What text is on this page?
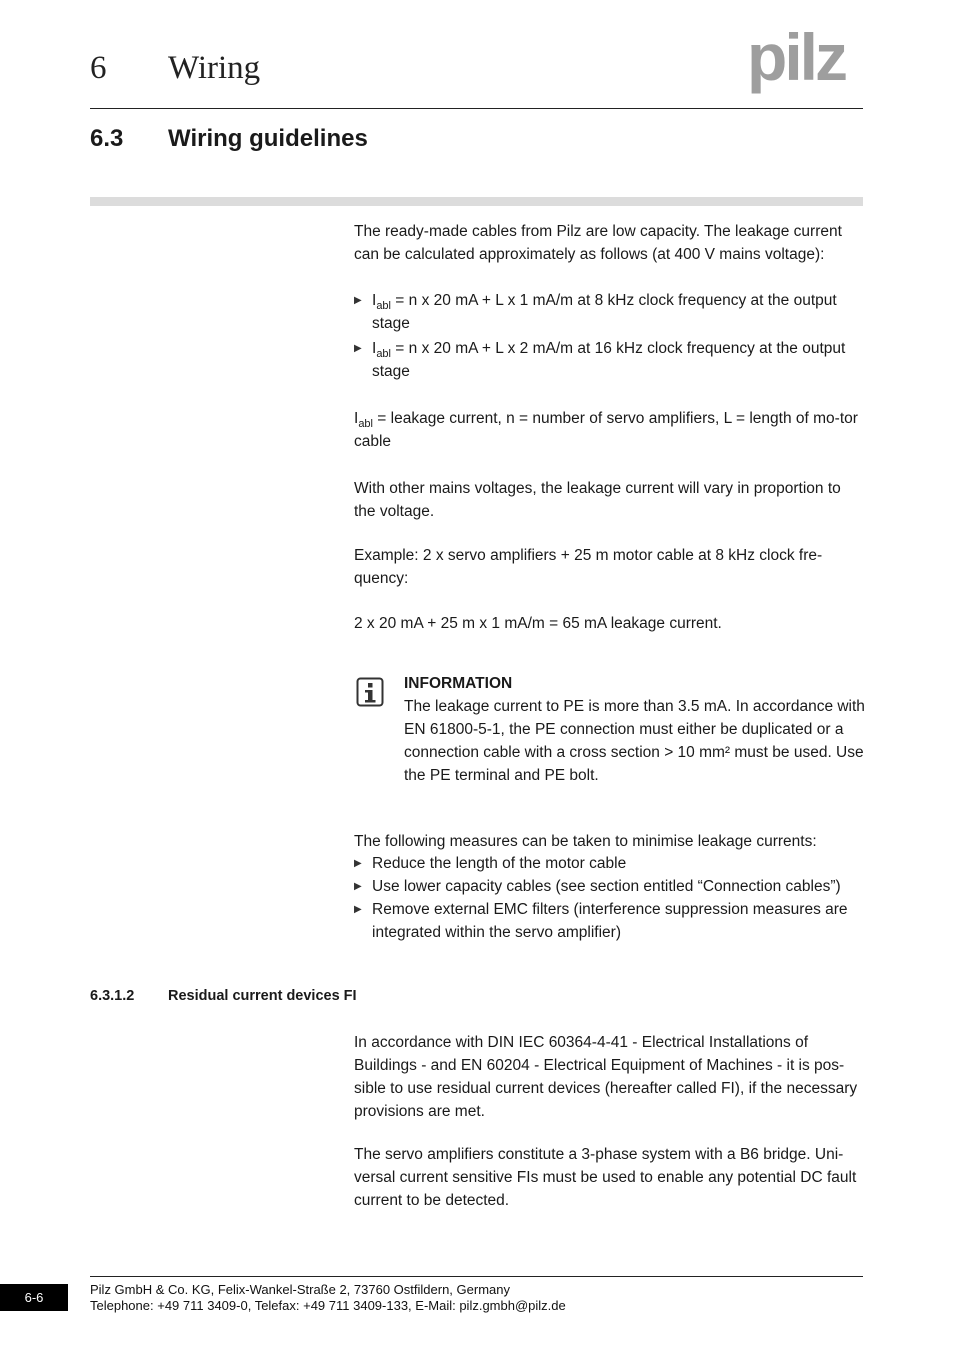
6 Wiring	pilz
6.3 Wiring guidelines

The ready-made cables from Pilz are low capacity. The leakage current can be calculated approximately as follows (at 400 V mains voltage):

▶ $I_{abl} = n$ x 20 mA + L x 1 mA/m at 8 kHz clock frequency at the output stage
▶ $I_{abl} = n$ x 20 mA + L x 2 mA/m at 16 kHz clock frequency at the output stage
$I_{abl}$ = leakage current, n = number of servo amplifiers, L = length of mo-tor cable
With other mains voltages, the leakage current will vary in proportion to the voltage.
Example: 2 x servo amplifiers + 25 m motor cable at 8 kHz clock fre-quency:
2 x 20 mA + 25 m x 1 mA/m = 65 mA leakage current.
INFORMATION
The leakage current to PE is more than 3.5 mA. In accordance with EN 61800-5-1, the PE connection must either be duplicated or a connection cable with a cross section > 10 mm² must be used. Use the PE terminal and PE bolt.
The following measures can be taken to minimise leakage currents:
▶ Reduce the length of the motor cable
▶ Use lower capacity cables (see section entitled “Connection cables”)
▶ Remove external EMC filters (interference suppression measures are integrated within the servo amplifier)
6.3.1.2 Residual current devices FI
In accordance with DIN IEC 60364-4-41 - Electrical Installations of Buildings - and EN 60204 - Electrical Equipment of Machines - it is pos-sible to use residual current devices (hereafter called FI), if the necessary provisions are met.
The servo amplifiers constitute a 3-phase system with a B6 bridge. Uni-versal current sensitive FIs must be used to enable any potential DC fault current to be detected.
6-6
Pilz GmbH & Co. KG, Felix-Wankel-Straße 2, 73760 Ostfildern, Germany
Telephone: +49 711 3409-0, Telefax: +49 711 3409-133, E-Mail: pilz.gmbh@pilz.de
